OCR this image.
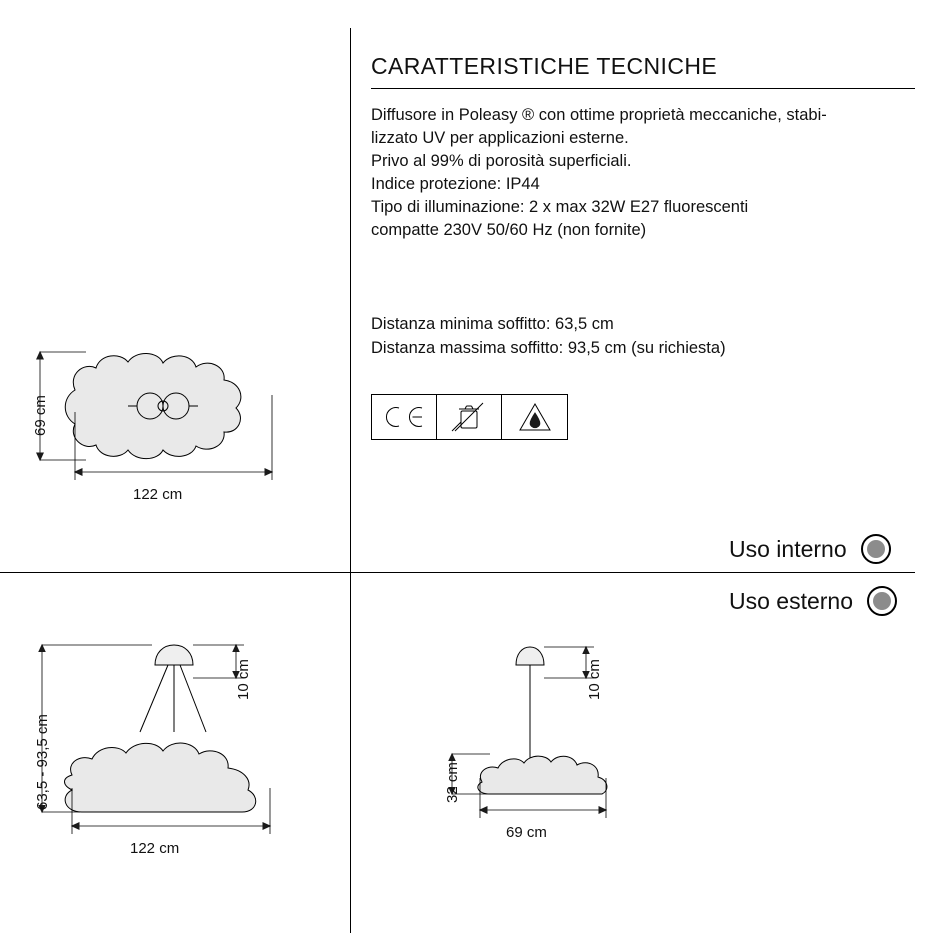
CARATTERISTICHE TECNICHE

Diffusore in Poleasy ® con ottime proprietà meccaniche, stabi-

lizzato UV per applicazioni esterne.

Privo al 99% di porosità superficiali.

Indice protezione: IP44

Tipo di illuminazione: 2 x max 32W E27 fluorescenti

compatte 230V 50/60 Hz (non fornite)

Distanza minima soffitto: 63,5 cm

Distanza massima soffitto: 93,5 cm (su richiesta)

Uso interno
Uso esterno
69 cm
122 cm
10 cm
63,5 - 93,5 cm
122 cm
10 cm
32 cm
69 cm
